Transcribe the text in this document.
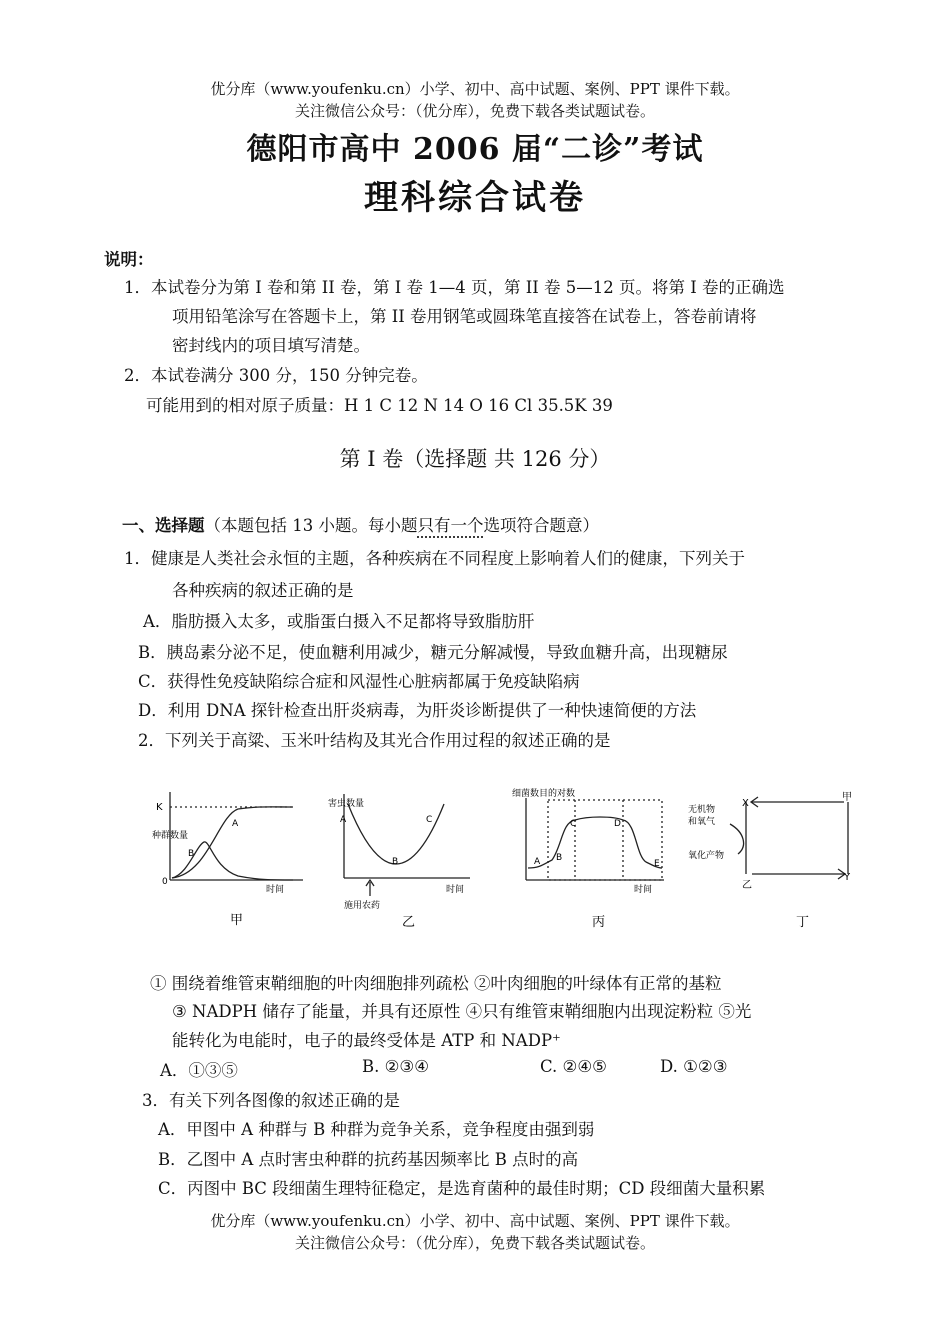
优分库（www.youfenku.cn）小学、初中、高中试题、案例、PPT 课件下载。
关注微信公众号：（优分库），免费下载各类试题试卷。
德阳市高中 2006 届“二诊”考试
理科综合试卷
说明：
1．本试卷分为第 I 卷和第 II 卷，第 I 卷 1—4 页，第 II 卷 5—12 页。将第 I 卷的正确选
项用铅笔涂写在答题卡上，第 II 卷用钢笔或圆珠笔直接答在试卷上，答卷前请将
密封线内的项目填写清楚。
2．本试卷满分 300 分，150 分钟完卷。
可能用到的相对原子质量：H 1 C 12 N 14 O 16 Cl 35.5K 39
第 I 卷（选择题 共 126 分）
一、选择题（本题包括 13 小题。每小题只有一个选项符合题意）
1．健康是人类社会永恒的主题，各种疾病在不同程度上影响着人们的健康，下列关于
各种疾病的叙述正确的是
A．脂肪摄入太多，或脂蛋白摄入不足都将导致脂肪肝
B．胰岛素分泌不足，使血糖利用减少，糖元分解减慢，导致血糖升高，出现糖尿
C．获得性免疫缺陷综合症和风湿性心脏病都属于免疫缺陷病
D．利用 DNA 探针检查出肝炎病毒，为肝炎诊断提供了一种快速简便的方法
2．下列关于高粱、玉米叶结构及其光合作用过程的叙述正确的是
K
种群数量
A
B
0
时间
甲
害虫数量
A
B
C
施用农药
时间
乙
细菌数目的对数
A B
C	D
E
时间
丙
X
甲
乙
Y
无机物
和氧气
氧化产物
丁
① 围绕着维管束鞘细胞的叶肉细胞排列疏松 ②叶肉细胞的叶绿体有正常的基粒
③ NADPH 储存了能量，并具有还原性 ④只有维管束鞘细胞内出现淀粉粒 ⑤光
能转化为电能时，电子的最终受体是 ATP 和 NADP⁺
A．①③⑤	B. ②③④	C. ②④⑤	D. ①②③
3．有关下列各图像的叙述正确的是
A．甲图中 A 种群与 B 种群为竞争关系，竞争程度由强到弱
B．乙图中 A 点时害虫种群的抗药基因频率比 B 点时的高
C．丙图中 BC 段细菌生理特征稳定，是选育菌种的最佳时期；CD 段细菌大量积累
优分库（www.youfenku.cn）小学、初中、高中试题、案例、PPT 课件下载。
关注微信公众号：（优分库），免费下载各类试题试卷。
